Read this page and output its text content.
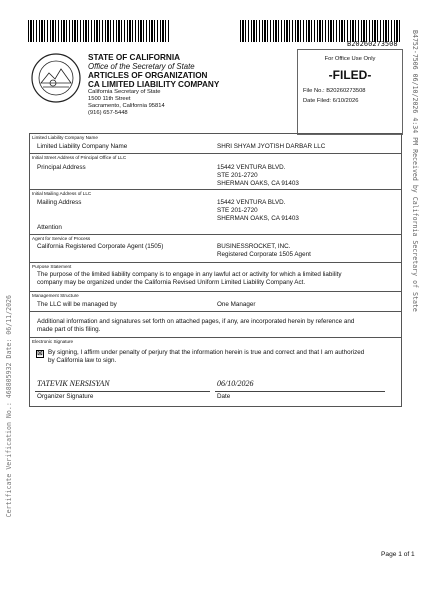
B20260273508
STATE OF CALIFORNIA
Office of the Secretary of State
ARTICLES OF ORGANIZATION
CA LIMITED LIABILITY COMPANY
California Secretary of State
1500 11th Street
Sacramento, California 95814
(916) 657-5448
For Office Use Only
-FILED-
File No.: B20260273508
Date Filed: 6/10/2026
Limited Liability Company Name
Limited Liability Company Name	SHRI SHYAM JYOTISH DARBAR LLC
Initial Street Address of Principal Office of LLC
Principal Address	15442 VENTURA BLVD.
STE 201-2720
SHERMAN OAKS, CA 91403
Initial Mailing Address of LLC
Mailing Address	15442 VENTURA BLVD.
STE 201-2720
SHERMAN OAKS, CA 91403
Attention
Agent for Service of Process
California Registered Corporate Agent (1505)	BUSINESSROCKET, INC.
Registered Corporate 1505 Agent
Purpose Statement
The purpose of the limited liability company is to engage in any lawful act or activity for which a limited liability company may be organized under the California Revised Uniform Limited Liability Company Act.
Management Structure
The LLC will be managed by	One Manager
Additional information and signatures set forth on attached pages, if any, are incorporated herein by reference and made part of this filing.
Electronic Signature
☒ By signing, I affirm under penalty of perjury that the information herein is true and correct and that I am authorized by California law to sign.
TATEVIK NERSISYAN	06/10/2026
Organizer Signature	Date
B4752-7506 06/10/2026 4:34 PM Received by California Secretary of State
Certificate Verification No.: 468805932 Date: 06/11/2026
Page 1 of 1
